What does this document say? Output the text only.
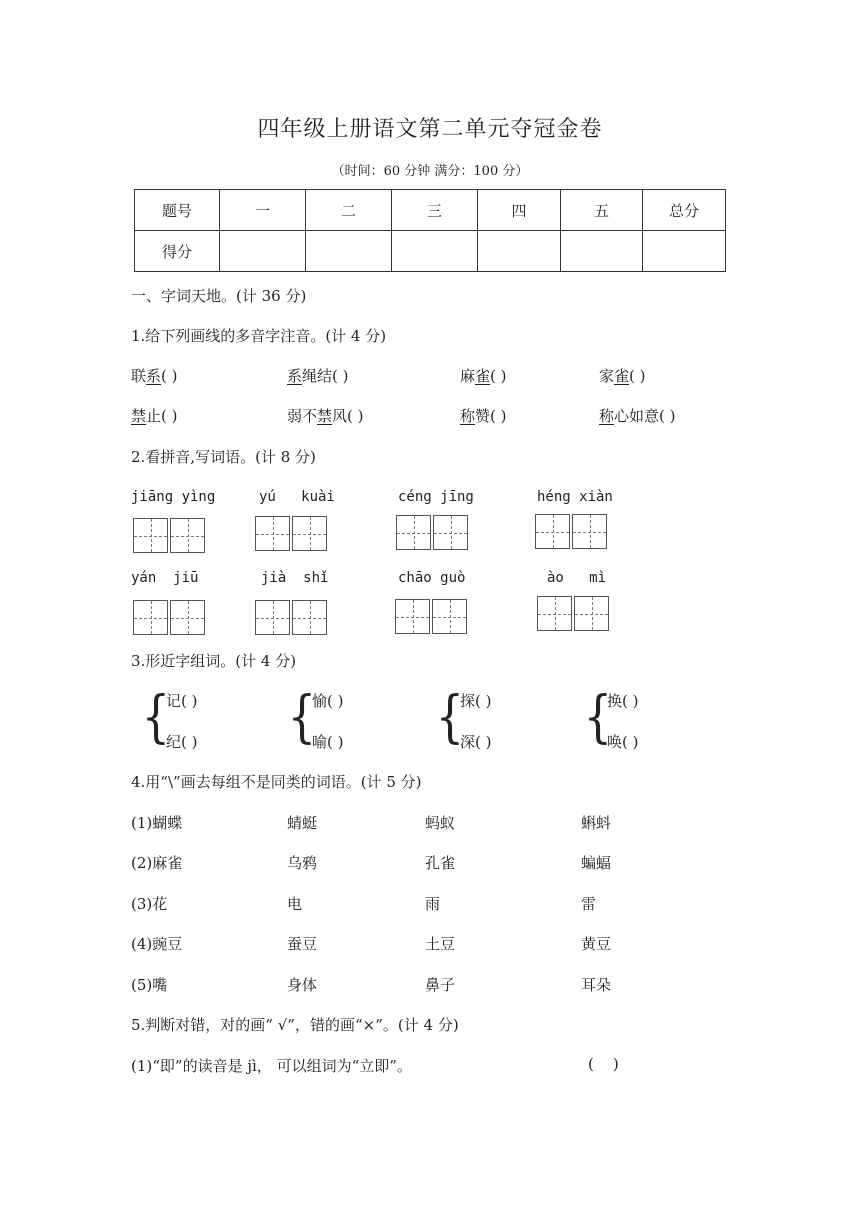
四年级上册语文第二单元夺冠金卷
（时间：60 分钟 满分：100 分）
题号	一	二	三	四	五	总分
得分						
一、字词天地。(计 36 分)
1.给下列画线的多音字注音。(计 4 分)
联系( )	系绳结( )	麻雀( )	家雀( )
禁止( )	弱不禁风( )	称赞( )	称心如意( )
2.看拼音,写词语。(计 8 分)
jiāng yìng	yú   kuài	céng jīng	héng xiàn
yán  jiū	jià  shǐ	chāo guò	ào   mì
3.形近字组词。(计 4 分)
{
记( )
纪( ) {
愉( )
喻( ) {
探( )
深( ) {
换( )
唤( )
4.用“\”画去每组不是同类的词语。(计 5 分)
(1)蝴蝶	蜻蜓	蚂蚁	蝌蚪
(2)麻雀	乌鸦	孔雀	蝙蝠
(3)花	电	雨	雷
(4)豌豆	蚕豆	土豆	黄豆
(5)嘴	身体	鼻子	耳朵
5.判断对错，对的画“ √”，错的画“×”。(计 4 分)
(1)“即”的读音是 jì， 可以组词为“立即”。	(    )
